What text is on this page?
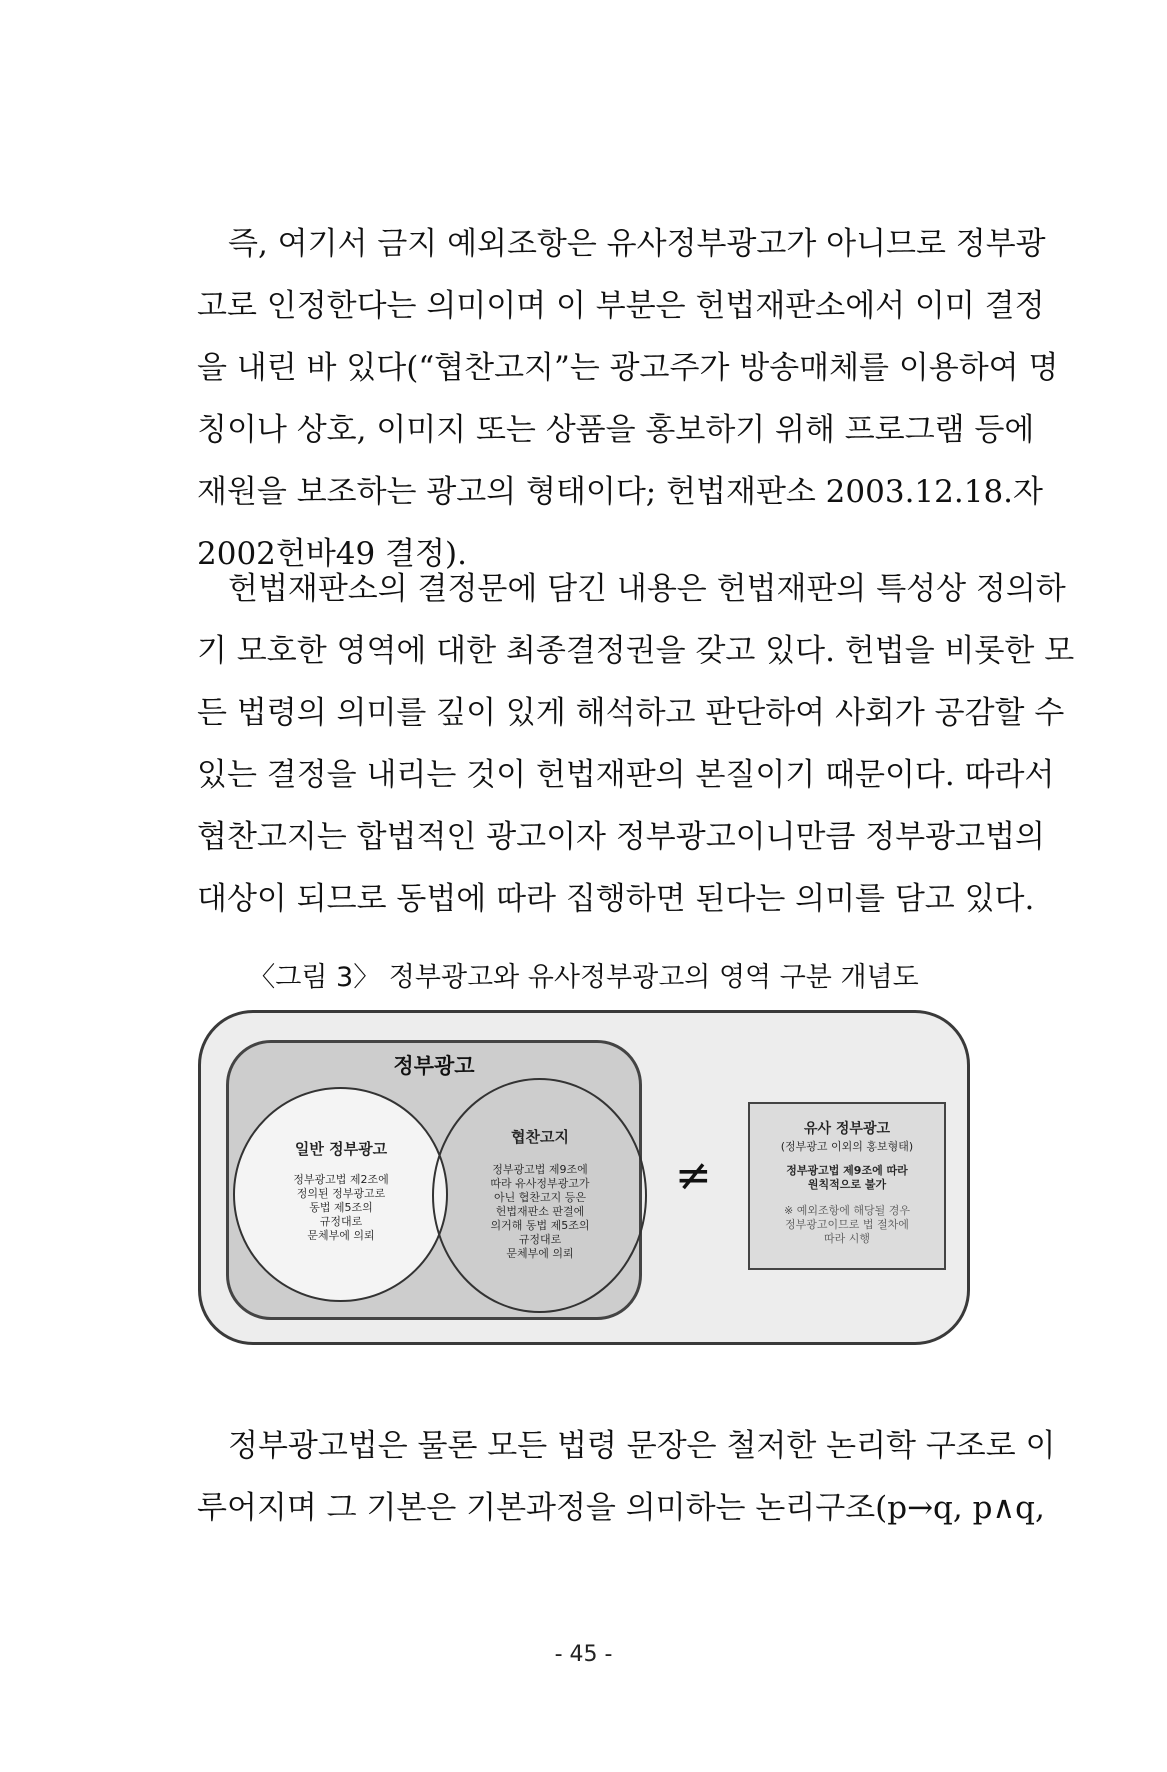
　즉, 여기서 금지 예외조항은 유사정부광고가 아니므로 정부광
고로 인정한다는 의미이며 이 부분은 헌법재판소에서 이미 결정
을 내린 바 있다(“협찬고지”는 광고주가 방송매체를 이용하여 명
칭이나 상호, 이미지 또는 상품을 홍보하기 위해 프로그램 등에
재원을 보조하는 광고의 형태이다; 헌법재판소 2003.12.18.자
2002헌바49 결정).
　헌법재판소의 결정문에 담긴 내용은 헌법재판의 특성상 정의하
기 모호한 영역에 대한 최종결정권을 갖고 있다. 헌법을 비롯한 모
든 법령의 의미를 깊이 있게 해석하고 판단하여 사회가 공감할 수
있는 결정을 내리는 것이 헌법재판의 본질이기 때문이다. 따라서
협찬고지는 합법적인 광고이자 정부광고이니만큼 정부광고법의
대상이 되므로 동법에 따라 집행하면 된다는 의미를 담고 있다.
〈그림 3〉 정부광고와 유사정부광고의 영역 구분 개념도
정부광고
일반 정부광고
정부광고법 제2조에
정의된 정부광고로
동법 제5조의
규정대로
문체부에 의뢰
협찬고지
정부광고법 제9조에
따라 유사정부광고가
아닌 협찬고지 등은
헌법재판소 판결에
의거해 동법 제5조의
규정대로
문체부에 의뢰
≠
유사 정부광고
(정부광고 이외의 홍보형태)
정부광고법 제9조에 따라
원칙적으로 불가
※ 예외조항에 해당될 경우
정부광고이므로 법 절차에
따라 시행
　정부광고법은 물론 모든 법령 문장은 철저한 논리학 구조로 이
루어지며 그 기본은 기본과정을 의미하는 논리구조(p→q, p∧q,
- 45 -
